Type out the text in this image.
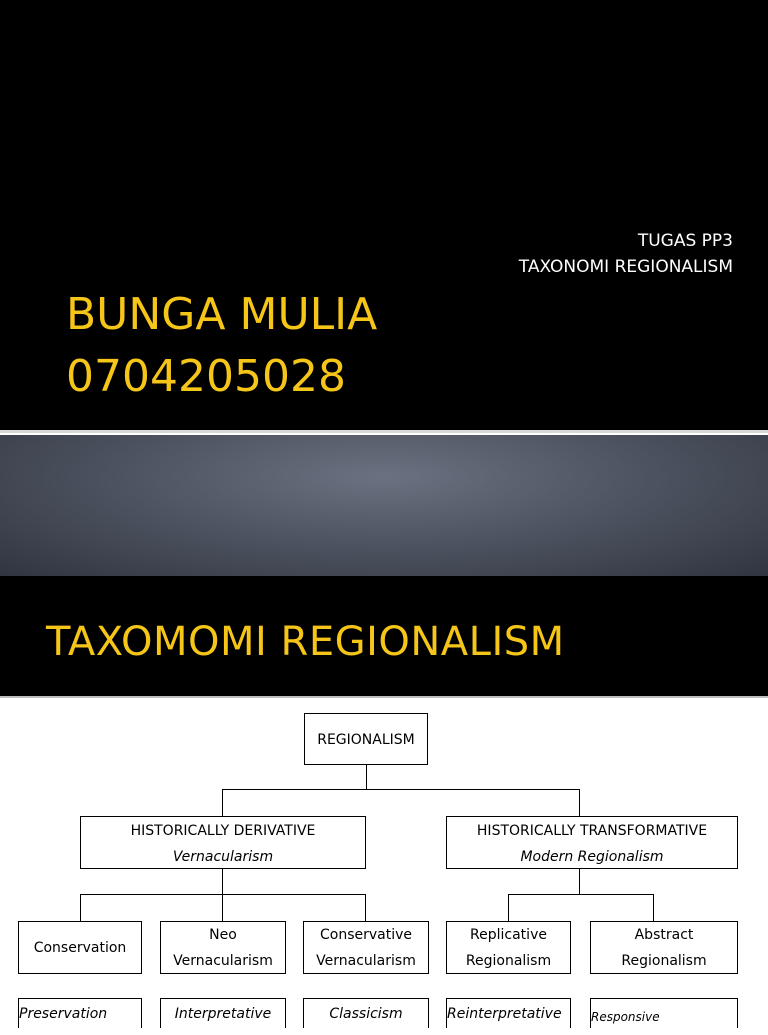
TUGAS PP3
TAXONOMI REGIONALISM
BUNGA MULIA
0704205028
TAXOMOMI REGIONALISM
REGIONALISM
HISTORICALLY DERIVATIVE
Vernacularism
HISTORICALLY TRANSFORMATIVE
Modern Regionalism
Conservation
Neo
Vernacularism
Conservative
Vernacularism
Replicative
Regionalism
Abstract
Regionalism
Preservation	Interpretative	Classicism	Reinterpretative	Responsive
